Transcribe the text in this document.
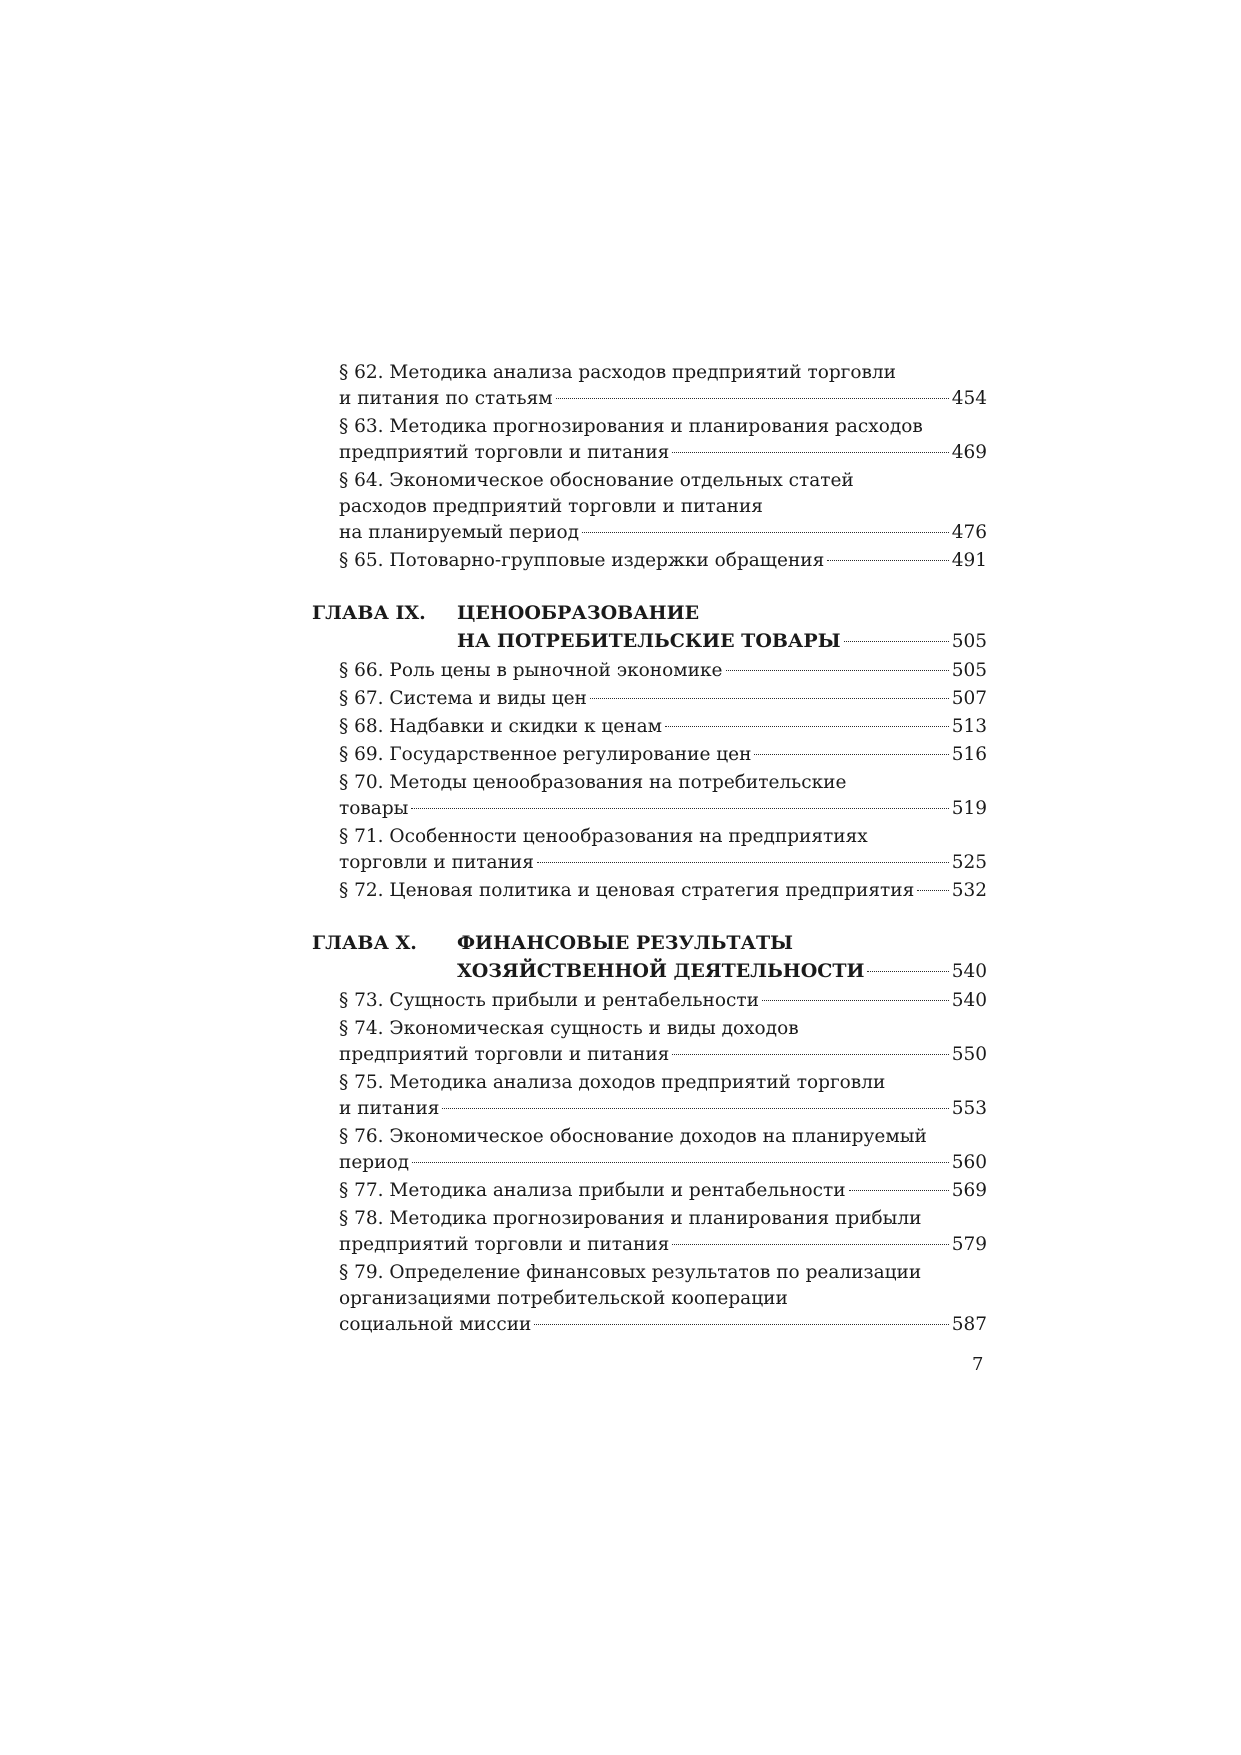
§ 62. Методика анализа расходов предприятий торговли
и питания по статьям	454
§ 63. Методика прогнозирования и планирования расходов
предприятий торговли и питания	469
§ 64. Экономическое обоснование отдельных статей
расходов предприятий торговли и питания
на планируемый период	476
§ 65. Потоварно-групповые издержки обращения	491
ГЛАВА IX.	ЦЕНООБРАЗОВАНИЕ
НА ПОТРЕБИТЕЛЬСКИЕ ТОВАРЫ	505
§ 66. Роль цены в рыночной экономике	505
§ 67. Система и виды цен	507
§ 68. Надбавки и скидки к ценам	513
§ 69. Государственное регулирование цен	516
§ 70. Методы ценообразования на потребительские
товары	519
§ 71. Особенности ценообразования на предприятиях
торговли и питания	525
§ 72. Ценовая политика и ценовая стратегия предприятия 532
ГЛАВА X.	ФИНАНСОВЫЕ РЕЗУЛЬТАТЫ
ХОЗЯЙСТВЕННОЙ ДЕЯТЕЛЬНОСТИ	540
§ 73. Сущность прибыли и рентабельности	540
§ 74. Экономическая сущность и виды доходов
предприятий торговли и питания	550
§ 75. Методика анализа доходов предприятий торговли
и питания	553
§ 76. Экономическое обоснование доходов на планируемый
период	560
§ 77. Методика анализа прибыли и рентабельности	569
§ 78. Методика прогнозирования и планирования прибыли
предприятий торговли и питания	579
§ 79. Определение финансовых результатов по реализации
организациями потребительской кооперации
социальной миссии	587
7
